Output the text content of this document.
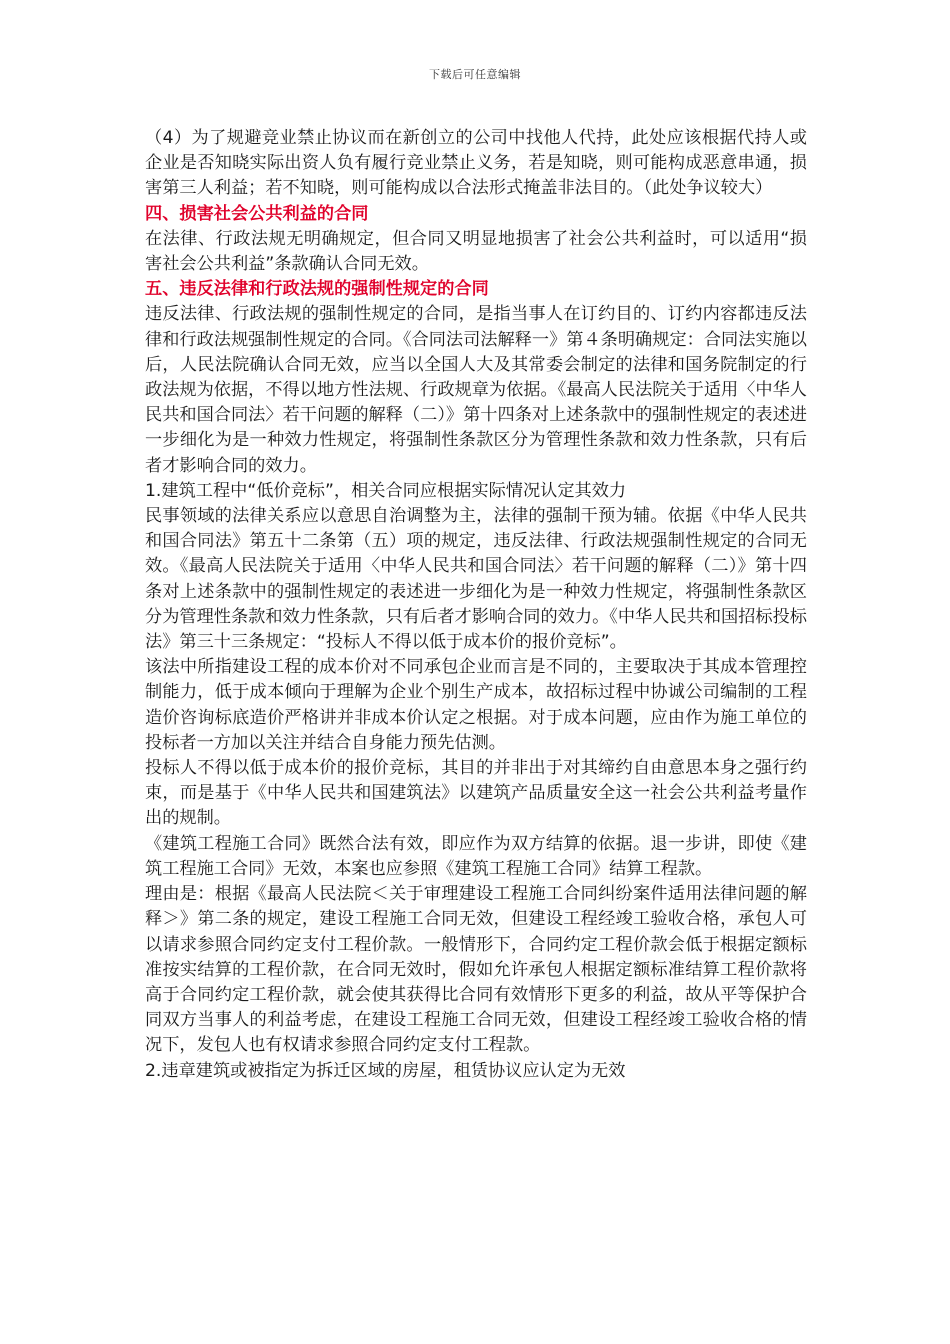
下载后可任意编辑

（4）为了规避竞业禁止协议而在新创立的公司中找他人代持，此处应该根据代持人或企业是否知晓实际出资人负有履行竞业禁止义务，若是知晓，则可能构成恶意串通，损害第三人利益；若不知晓，则可能构成以合法形式掩盖非法目的。（此处争议较大）

四、损害社会公共利益的合同

在法律、行政法规无明确规定，但合同又明显地损害了社会公共利益时，可以适用“损害社会公共利益”条款确认合同无效。

五、违反法律和行政法规的强制性规定的合同

违反法律、行政法规的强制性规定的合同，是指当事人在订约目的、订约内容都违反法律和行政法规强制性规定的合同。《合同法司法解释一》第４条明确规定：合同法实施以后，人民法院确认合同无效，应当以全国人大及其常委会制定的法律和国务院制定的行政法规为依据，不得以地方性法规、行政规章为依据。《最高人民法院关于适用〈中华人民共和国合同法〉若干问题的解释（二）》第十四条对上述条款中的强制性规定的表述进一步细化为是一种效力性规定，将强制性条款区分为管理性条款和效力性条款，只有后者才影响合同的效力。

1.建筑工程中“低价竞标”，相关合同应根据实际情况认定其效力

民事领域的法律关系应以意思自治调整为主，法律的强制干预为辅。依据《中华人民共和国合同法》第五十二条第（五）项的规定，违反法律、行政法规强制性规定的合同无效。《最高人民法院关于适用〈中华人民共和国合同法〉若干问题的解释（二）》第十四条对上述条款中的强制性规定的表述进一步细化为是一种效力性规定，将强制性条款区分为管理性条款和效力性条款，只有后者才影响合同的效力。《中华人民共和国招标投标法》第三十三条规定：“投标人不得以低于成本价的报价竞标”。

该法中所指建设工程的成本价对不同承包企业而言是不同的，主要取决于其成本管理控制能力，低于成本倾向于理解为企业个别生产成本，故招标过程中协诚公司编制的工程造价咨询标底造价严格讲并非成本价认定之根据。对于成本问题，应由作为施工单位的投标者一方加以关注并结合自身能力预先估测。

投标人不得以低于成本价的报价竞标，其目的并非出于对其缔约自由意思本身之强行约束，而是基于《中华人民共和国建筑法》以建筑产品质量安全这一社会公共利益考量作出的规制。

《建筑工程施工合同》既然合法有效，即应作为双方结算的依据。退一步讲，即使《建筑工程施工合同》无效，本案也应参照《建筑工程施工合同》结算工程款。

理由是：根据《最高人民法院＜关于审理建设工程施工合同纠纷案件适用法律问题的解释＞》第二条的规定，建设工程施工合同无效，但建设工程经竣工验收合格，承包人可以请求参照合同约定支付工程价款。一般情形下，合同约定工程价款会低于根据定额标准按实结算的工程价款，在合同无效时，假如允许承包人根据定额标准结算工程价款将高于合同约定工程价款，就会使其获得比合同有效情形下更多的利益，故从平等保护合同双方当事人的利益考虑，在建设工程施工合同无效，但建设工程经竣工验收合格的情况下，发包人也有权请求参照合同约定支付工程款。

2.违章建筑或被指定为拆迁区域的房屋，租赁协议应认定为无效
